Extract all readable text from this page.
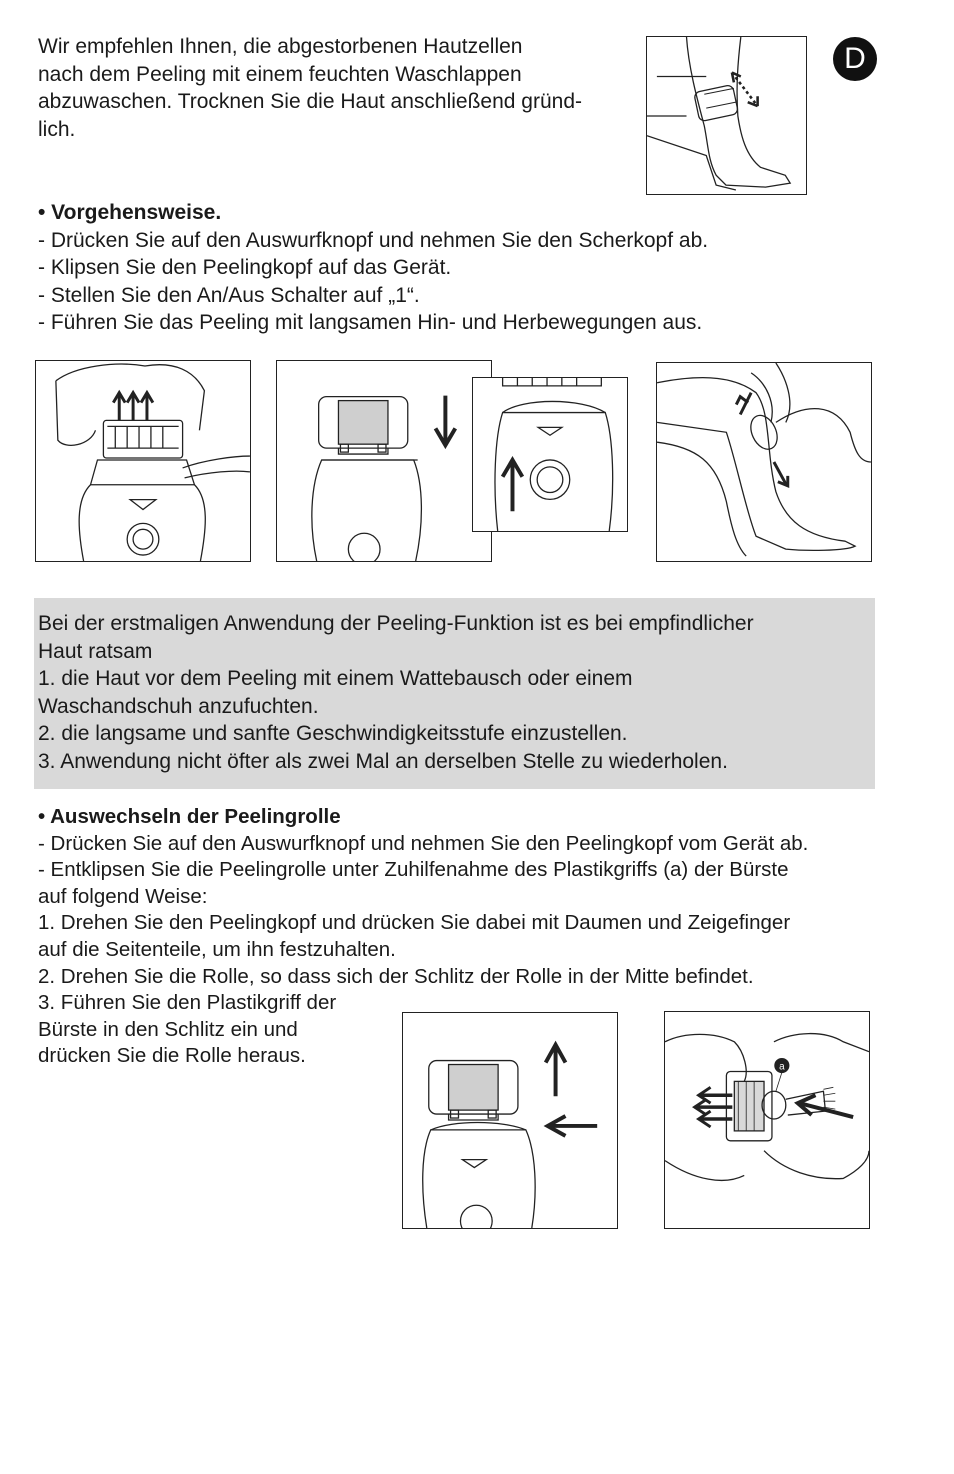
D

Wir empfehlen Ihnen, die abgestorbenen Hautzellen

nach dem Peeling mit einem feuchten Waschlappen

abzuwaschen. Trocknen Sie die Haut anschließend gründ-

lich.

• Vorgehensweise.

- Drücken Sie auf den Auswurfknopf und nehmen Sie den Scherkopf ab.

- Klipsen Sie den Peelingkopf auf das Gerät.

- Stellen Sie den An/Aus Schalter auf „1“.

- Führen Sie das Peeling mit langsamen Hin- und Herbewegungen aus.

Bei der erstmaligen Anwendung der Peeling-Funktion ist es bei empfindlicher

Haut ratsam

1. die Haut vor dem Peeling mit einem Wattebausch oder einem

Waschandschuh anzufuchten.

2. die langsame und sanfte Geschwindigkeitsstufe einzustellen.

3. Anwendung nicht öfter als zwei Mal an derselben Stelle zu wiederholen.

• Auswechseln der Peelingrolle

- Drücken Sie auf den Auswurfknopf und nehmen Sie den Peelingkopf vom Gerät ab.

- Entklipsen Sie die Peelingrolle unter Zuhilfenahme des Plastikgriffs (a) der Bürste

auf folgend Weise:

1. Drehen Sie den Peelingkopf und drücken Sie dabei mit Daumen und Zeigefinger

auf die Seitenteile, um ihn festzuhalten.

2. Drehen Sie die Rolle, so dass sich der Schlitz der Rolle in der Mitte befindet.

3. Führen Sie den Plastikgriff der

Bürste in den Schlitz ein und

drücken Sie die Rolle heraus.	a
